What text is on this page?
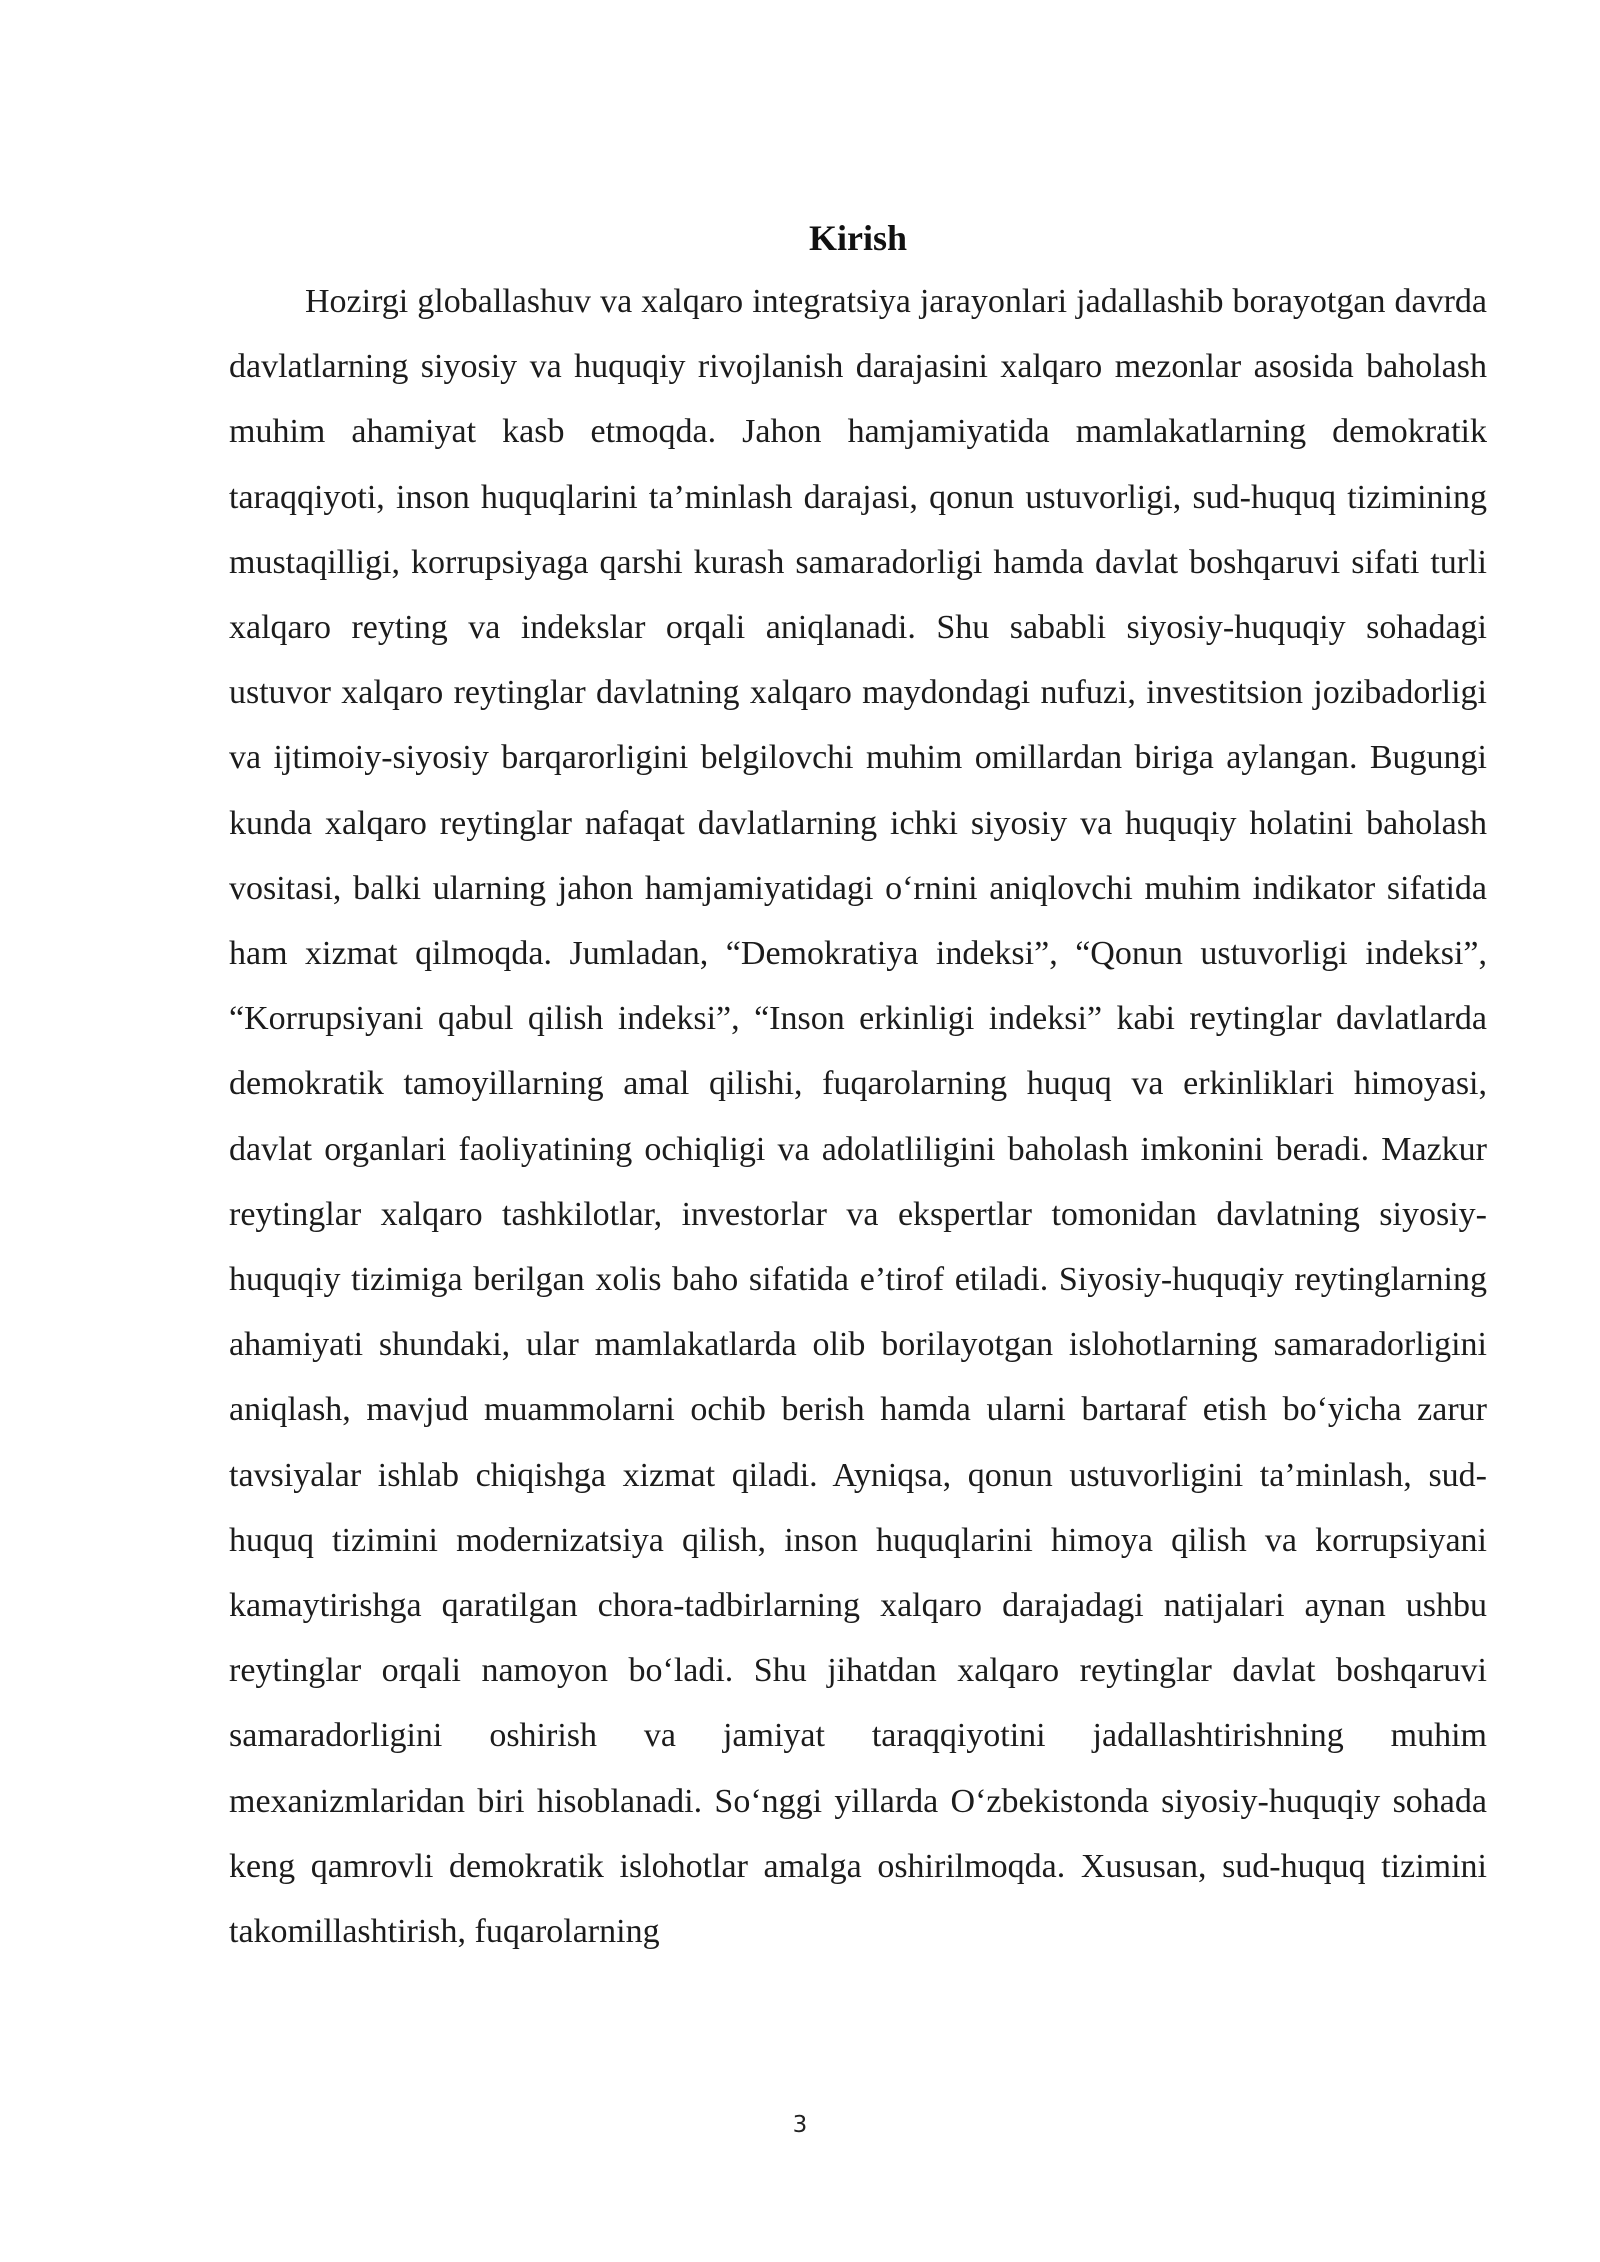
Kirish

Hozirgi globallashuv va xalqaro integratsiya jarayonlari jadallashib borayotgan davrda davlatlarning siyosiy va huquqiy rivojlanish darajasini xalqaro mezonlar asosida baholash muhim ahamiyat kasb etmoqda. Jahon hamjamiyatida mamlakatlarning demokratik taraqqiyoti, inson huquqlarini ta’minlash darajasi, qonun ustuvorligi, sud-huquq tizimining mustaqilligi, korrupsiyaga qarshi kurash samaradorligi hamda davlat boshqaruvi sifati turli xalqaro reyting va indekslar orqali aniqlanadi. Shu sababli siyosiy-huquqiy sohadagi ustuvor xalqaro reytinglar davlatning xalqaro maydondagi nufuzi, investitsion jozibadorligi va ijtimoiy-siyosiy barqarorligini belgilovchi muhim omillardan biriga aylangan. Bugungi kunda xalqaro reytinglar nafaqat davlatlarning ichki siyosiy va huquqiy holatini baholash vositasi, balki ularning jahon hamjamiyatidagi o‘rnini aniqlovchi muhim indikator sifatida ham xizmat qilmoqda. Jumladan, “Demokratiya indeksi”, “Qonun ustuvorligi indeksi”, “Korrupsiyani qabul qilish indeksi”, “Inson erkinligi indeksi” kabi reytinglar davlatlarda demokratik tamoyillarning amal qilishi, fuqarolarning huquq va erkinliklari himoyasi, davlat organlari faoliyatining ochiqligi va adolatliligini baholash imkonini beradi. Mazkur reytinglar xalqaro tashkilotlar, investorlar va ekspertlar tomonidan davlatning siyosiy-huquqiy tizimiga berilgan xolis baho sifatida e’tirof etiladi. Siyosiy-huquqiy reytinglarning ahamiyati shundaki, ular mamlakatlarda olib borilayotgan islohotlarning samaradorligini aniqlash, mavjud muammolarni ochib berish hamda ularni bartaraf etish bo‘yicha zarur tavsiyalar ishlab chiqishga xizmat qiladi. Ayniqsa, qonun ustuvorligini ta’minlash, sud-huquq tizimini modernizatsiya qilish, inson huquqlarini himoya qilish va korrupsiyani kamaytirishga qaratilgan chora-tadbirlarning xalqaro darajadagi natijalari aynan ushbu reytinglar orqali namoyon bo‘ladi. Shu jihatdan xalqaro reytinglar davlat boshqaruvi samaradorligini oshirish va jamiyat taraqqiyotini jadallashtirishning muhim mexanizmlaridan biri hisoblanadi. So‘nggi yillarda O‘zbekistonda siyosiy-huquqiy sohada keng qamrovli demokratik islohotlar amalga oshirilmoqda. Xususan, sud-huquq tizimini takomillashtirish, fuqarolarning

3
